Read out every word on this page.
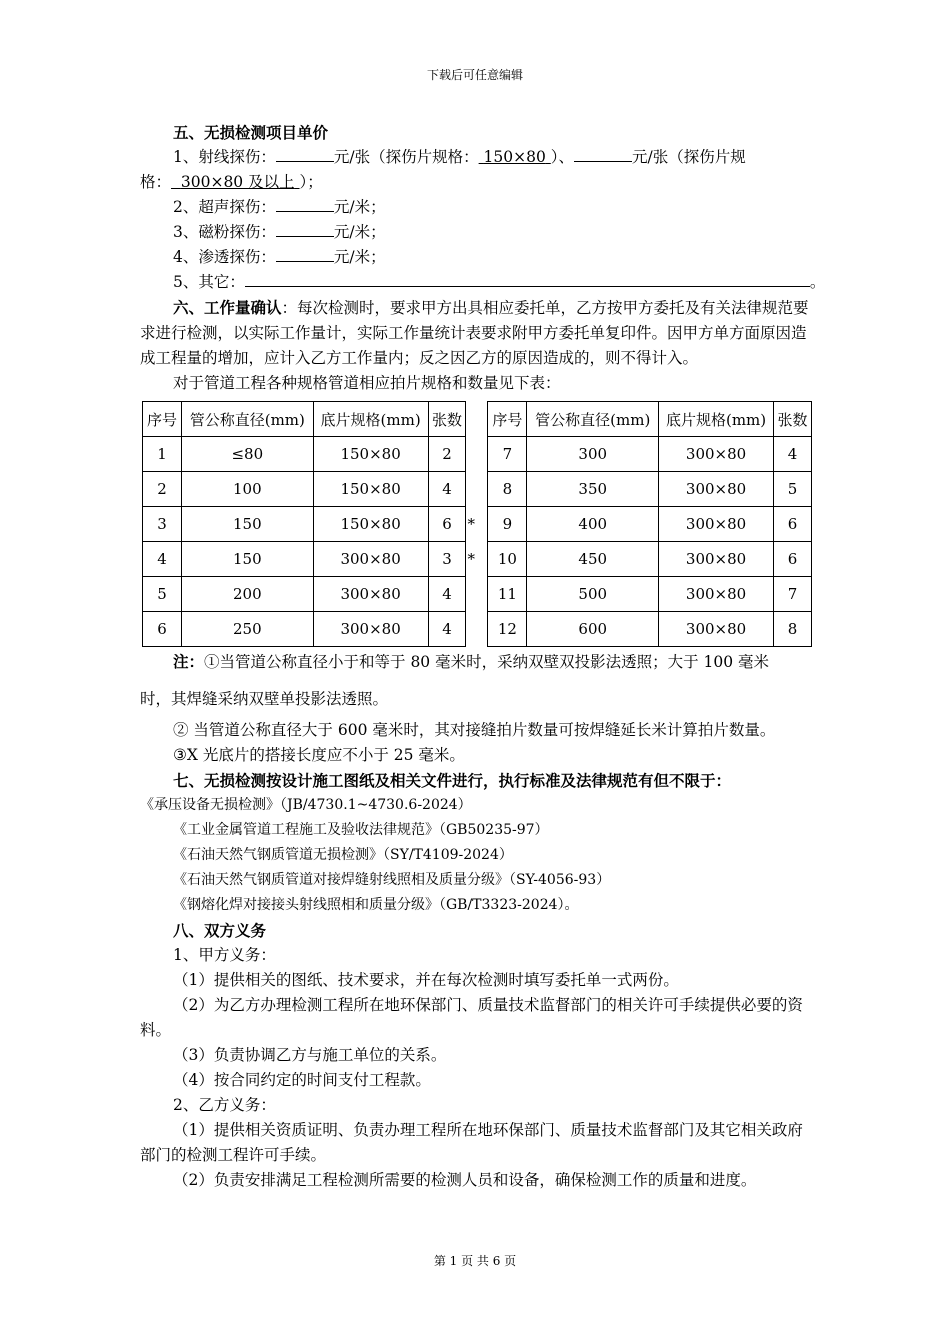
下载后可任意编辑
五、无损检测项目单价
1、射线探伤：	元/张（探伤片规格： 150×80 ）、	元/张（探伤片规
格： 300×80 及以上 ）；
2、超声探伤：	元/米；
3、磁粉探伤：	元/米；
4、渗透探伤：	元/米；
5、其它：	。
六、工作量确认：每次检测时，要求甲方出具相应委托单，乙方按甲方委托及有关法律规范要求进行检测，以实际工作量计，实际工作量统计表要求附甲方委托单复印件。因甲方单方面原因造成工程量的增加，应计入乙方工作量内；反之因乙方的原因造成的，则不得计入。
对于管道工程各种规格管道相应拍片规格和数量见下表：
序号	管公称直径(mm)	底片规格(mm)	张数		序号	管公称直径(mm)	底片规格(mm)	张数
1	≤80	150×80	2		7	300	300×80	4
2	100	150×80	4		8	350	300×80	5
3	150	150×80	6	*	9	400	300×80	6
4	150	300×80	3	*	10	450	300×80	6
5	200	300×80	4		11	500	300×80	7
6	250	300×80	4		12	600	300×80	8
注：①当管道公称直径小于和等于 80 毫米时，采纳双壁双投影法透照；大于 100 毫米
时，其焊缝采纳双壁单投影法透照。
② 当管道公称直径大于 600 毫米时，其对接缝拍片数量可按焊缝延长米计算拍片数量。
③X 光底片的搭接长度应不小于 25 毫米。
七、无损检测按设计施工图纸及相关文件进行，执行标准及法律规范有但不限于：
《承压设备无损检测》（JB/4730.1~4730.6-2024）
《工业金属管道工程施工及验收法律规范》（GB50235-97）
《石油天然气钢质管道无损检测》（SY/T4109-2024）
《石油天然气钢质管道对接焊缝射线照相及质量分级》（SY-4056-93）
《钢熔化焊对接接头射线照相和质量分级》（GB/T3323-2024）。
八、双方义务
1、甲方义务：
（1）提供相关的图纸、技术要求，并在每次检测时填写委托单一式两份。
（2）为乙方办理检测工程所在地环保部门、质量技术监督部门的相关许可手续提供必要的资料。
（3）负责协调乙方与施工单位的关系。
（4）按合同约定的时间支付工程款。
2、乙方义务：
（1）提供相关资质证明、负责办理工程所在地环保部门、质量技术监督部门及其它相关政府部门的检测工程许可手续。
（2）负责安排满足工程检测所需要的检测人员和设备，确保检测工作的质量和进度。
第 1 页 共 6 页
